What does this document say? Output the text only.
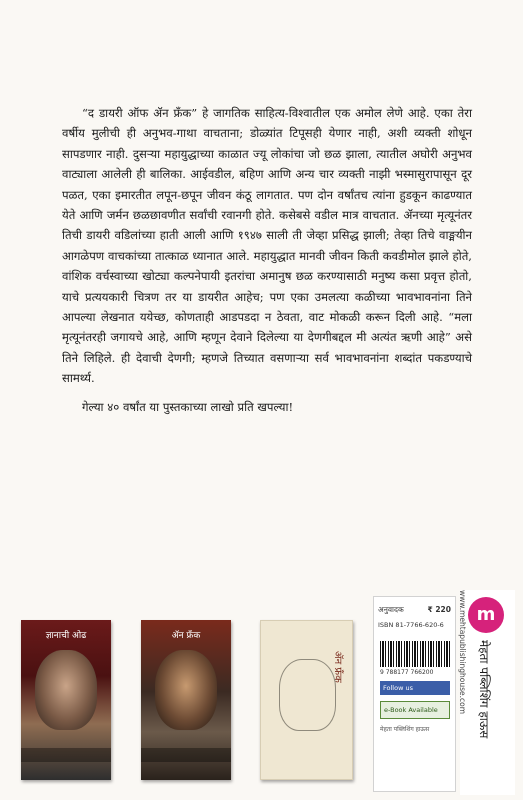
“द डायरी ऑफ ॲन फ्रँक” हे जागतिक साहित्य-विश्वातील एक अमोल लेणे आहे. एका तेरा वर्षीय मुलीची ही अनुभव-गाथा वाचताना; डोळ्यांत टिपूसही येणार नाही, अशी व्यक्ती शोधून सापडणार नाही. दुसऱ्या महायुद्धाच्या काळात ज्यू लोकांचा जो छळ झाला, त्यातील अघोरी अनुभव वाट्याला आलेली ही बालिका. आईवडील, बहिण आणि अन्य चार व्यक्ती नाझी भस्मासुरापासून दूर पळत, एका इमारतीत लपून-छपून जीवन कंठू लागतात. पण दोन वर्षांतच त्यांना हुडकून काढण्यात येते आणि जर्मन छळछावणीत सर्वांची रवानगी होते. कसेबसे वडील मात्र वाचतात. ॲनच्या मृत्यूनंतर तिची डायरी वडिलांच्या हाती आली आणि १९४७ साली ती जेव्हा प्रसिद्ध झाली; तेव्हा तिचे वाङ्मयीन आगळेपण वाचकांच्या तात्काळ ध्यानात आले. महायुद्धात मानवी जीवन किती कवडीमोल झाले होते, वांशिक वर्चस्वाच्या खोट्या कल्पनेपायी इतरांचा अमानुष छळ करण्यासाठी मनुष्य कसा प्रवृत्त होतो, याचे प्रत्ययकारी चित्रण तर या डायरीत आहेच; पण एका उमलत्या कळीच्या भावभावनांना तिने आपल्या लेखनात ययेच्छ, कोणताही आडपडदा न ठेवता, वाट मोकळी करून दिली आहे. “मला मृत्यूनंतरही जगायचे आहे, आणि म्हणून देवाने दिलेल्या या देणगीबद्दल मी अत्यंत ऋणी आहे” असे तिने लिहिले. ही देवाची देणगी; म्हणजे तिच्यात वसणाऱ्या सर्व भावभावनांना शब्दांत पकडण्याचे सामर्थ्य.

गेल्या ४० वर्षांत या पुस्तकाच्या लाखो प्रति खपल्या!

ज्ञानाची ओढ	ॲन फ्रँक
ॲन फ्रँक
अनुवादक	₹ 220
ISBN 81-7766-620-6
9 788177 766200
Follow us
e-Book Available
मेहता पब्लिशिंग हाऊस
m
मेहता पब्लिशिंग हाऊस
www.mehtapublishinghouse.com
